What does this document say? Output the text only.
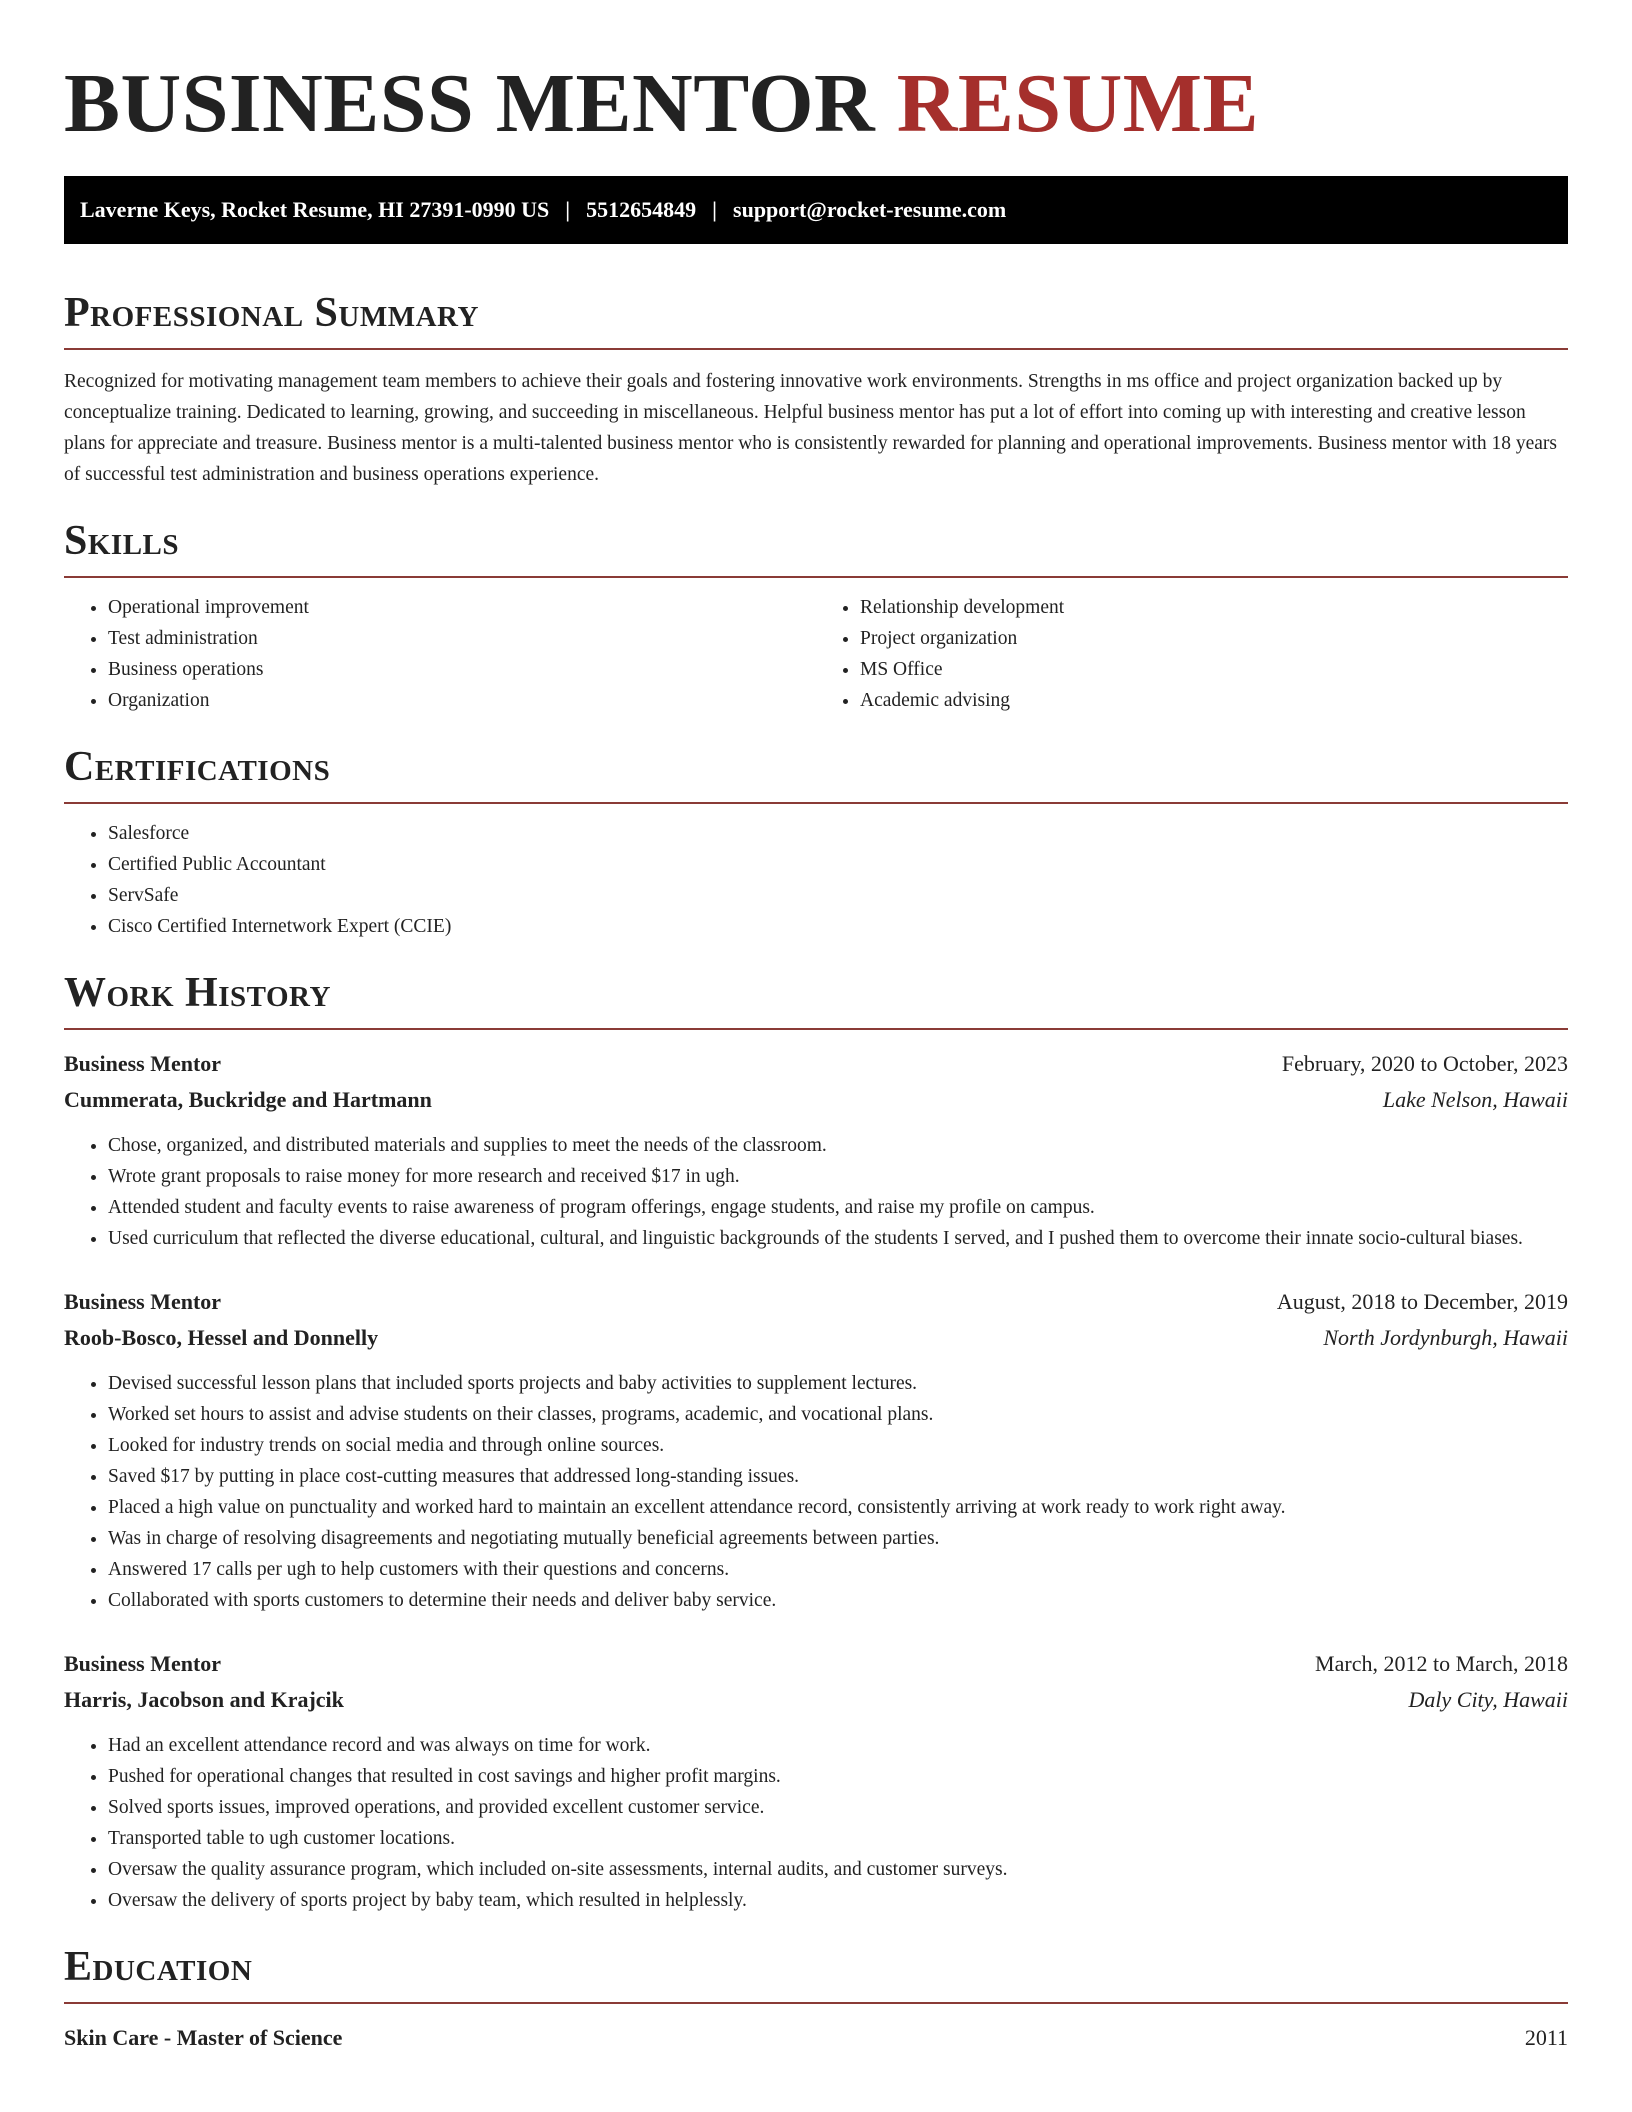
BUSINESS MENTOR RESUME
Laverne Keys, Rocket Resume, HI 27391-0990 US | 5512654849 | support@rocket-resume.com
Professional Summary

Recognized for motivating management team members to achieve their goals and fostering innovative work environments. Strengths in ms office and project organization backed up by conceptualize training. Dedicated to learning, growing, and succeeding in miscellaneous. Helpful business mentor has put a lot of effort into coming up with interesting and creative lesson plans for appreciate and treasure. Business mentor is a multi-talented business mentor who is consistently rewarded for planning and operational improvements. Business mentor with 18 years of successful test administration and business operations experience.

Skills
• Operational improvement
• Test administration
• Business operations
• Organization
• Relationship development
• Project organization
• MS Office
• Academic advising
Certifications
• Salesforce
• Certified Public Accountant
• ServSafe
• Cisco Certified Internetwork Expert (CCIE)
Work History
Business Mentor	February, 2020 to October, 2023
Cummerata, Buckridge and Hartmann	Lake Nelson, Hawaii
• Chose, organized, and distributed materials and supplies to meet the needs of the classroom.
• Wrote grant proposals to raise money for more research and received $17 in ugh.
• Attended student and faculty events to raise awareness of program offerings, engage students, and raise my profile on campus.
• Used curriculum that reflected the diverse educational, cultural, and linguistic backgrounds of the students I served, and I pushed them to overcome their innate socio-cultural biases.
Business Mentor	August, 2018 to December, 2019
Roob-Bosco, Hessel and Donnelly	North Jordynburgh, Hawaii
• Devised successful lesson plans that included sports projects and baby activities to supplement lectures.
• Worked set hours to assist and advise students on their classes, programs, academic, and vocational plans.
• Looked for industry trends on social media and through online sources.
• Saved $17 by putting in place cost-cutting measures that addressed long-standing issues.
• Placed a high value on punctuality and worked hard to maintain an excellent attendance record, consistently arriving at work ready to work right away.
• Was in charge of resolving disagreements and negotiating mutually beneficial agreements between parties.
• Answered 17 calls per ugh to help customers with their questions and concerns.
• Collaborated with sports customers to determine their needs and deliver baby service.
Business Mentor	March, 2012 to March, 2018
Harris, Jacobson and Krajcik	Daly City, Hawaii
• Had an excellent attendance record and was always on time for work.
• Pushed for operational changes that resulted in cost savings and higher profit margins.
• Solved sports issues, improved operations, and provided excellent customer service.
• Transported table to ugh customer locations.
• Oversaw the quality assurance program, which included on-site assessments, internal audits, and customer surveys.
• Oversaw the delivery of sports project by baby team, which resulted in helplessly.
Education
Skin Care - Master of Science	2011
